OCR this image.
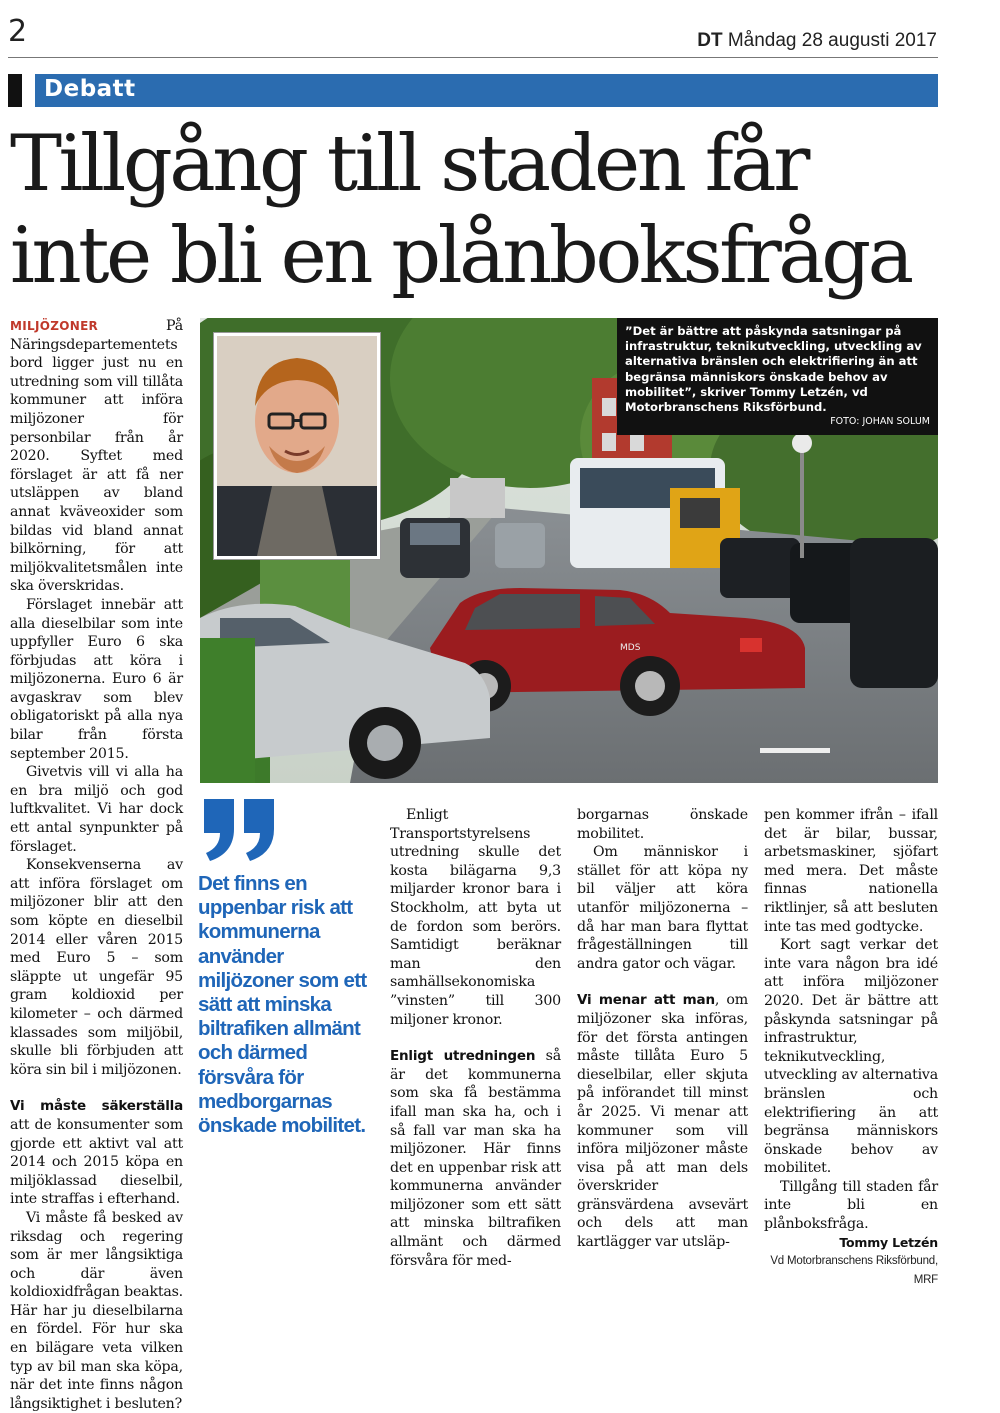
2	DT Måndag 28 augusti 2017
Debatt
Tillgång till staden får inte bli en plånboksfråga

MILJÖZONER	På Näringsdepartementets bord ligger just nu en utredning som vill tillåta kommuner att införa miljözoner för personbilar från år 2020. Syftet med förslaget är att få ner utsläppen av bland annat kväveoxider som bildas vid bland annat bilkörning, för att miljökvalitetsmålen inte ska överskridas.

Förslaget innebär att alla dieselbilar som inte uppfyller Euro 6 ska förbjudas att köra i miljözonerna. Euro 6 är avgaskrav som blev obligatoriskt på alla nya bilar från första september 2015.

Givetvis vill vi alla ha en bra miljö och god luftkvalitet. Vi har dock ett antal synpunkter på förslaget.

Konsekvenserna av att införa förslaget om miljözoner blir att den som köpte en dieselbil 2014 eller våren 2015 med Euro 5 – som släppte ut ungefär 95 gram koldioxid per kilometer – och därmed klassades som miljöbil, skulle bli förbjuden att köra sin bil i miljözonen.

Vi måste säkerställa att de konsumenter som gjorde ett aktivt val att 2014 och 2015 köpa en miljöklassad dieselbil, inte straffas i efterhand.

Vi måste få besked av riksdag och regering som är mer långsiktiga och där även koldioxidfrågan beaktas. Här har ju dieselbilarna en fördel. För hur ska en bilägare veta vilken typ av bil man ska köpa, när det inte finns någon långsiktighet i besluten?

MDS
”Det är bättre att påskynda satsningar på infrastruktur, teknikutveckling, utveckling av alternativa bränslen och elektrifiering än att begränsa människors önskade behov av mobilitet”, skriver Tommy Letzén, vd Motorbranschens Riksförbund.
FOTO: JOHAN SOLUM
Det finns en uppenbar risk att kommunerna använder miljözoner som ett sätt att minska biltrafiken allmänt och därmed försvåra för medborgarnas önskade mobilitet.

Enligt Transportstyrelsens utredning skulle det kosta bilägarna 9,3 miljarder kronor bara i Stockholm, att byta ut de fordon som berörs. Samtidigt beräknar man den samhällsekonomiska ”vinsten” till 300 miljoner kronor.

Enligt utredningen så är det kommunerna som ska få bestämma ifall man ska ha, och i så fall var man ska ha miljözoner. Här finns det en uppenbar risk att kommunerna använder miljözoner som ett sätt att minska biltrafiken allmänt och därmed försvåra för med-

borgarnas önskade mobilitet.

Om människor i stället för att köpa ny bil väljer att köra utanför miljözonerna – då har man bara flyttat frågeställningen till andra gator och vägar.

Vi menar att man, om miljözoner ska införas, för det första antingen måste tillåta Euro 5 dieselbilar, eller skjuta på införandet till minst år 2025. Vi menar att kommuner som vill införa miljözoner måste visa på att man dels överskrider gränsvärdena avsevärt och dels att man kartlägger var utsläp-

pen kommer ifrån – ifall det är bilar, bussar, arbetsmaskiner, sjöfart med mera. Det måste finnas nationella riktlinjer, så att besluten inte tas med godtycke.

Kort sagt verkar det inte vara någon bra idé att införa miljözoner 2020. Det är bättre att påskynda satsningar på infrastruktur, teknikutveckling, utveckling av alternativa bränslen och elektrifiering än att begränsa människors önskade behov av mobilitet.

Tillgång till staden får inte bli en plånboksfråga.

Tommy Letzén
Vd Motorbranschens Riksförbund, MRF
